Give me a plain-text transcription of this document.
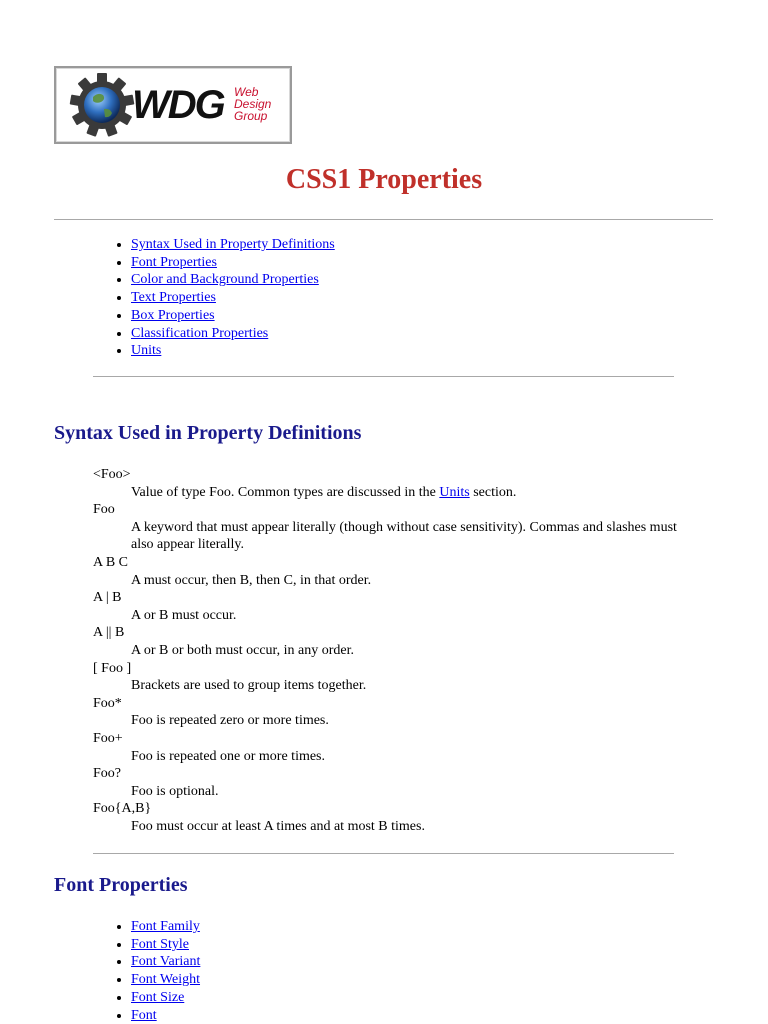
WDG Web
Design
Group
CSS1 Properties
• Syntax Used in Property Definitions
• Font Properties
• Color and Background Properties
• Text Properties
• Box Properties
• Classification Properties
• Units
Syntax Used in Property Definitions
<Foo>
Value of type Foo. Common types are discussed in the Units section.
Foo
A keyword that must appear literally (though without case sensitivity). Commas and slashes must also appear literally.
A B C
A must occur, then B, then C, in that order.
A | B
A or B must occur.
A || B
A or B or both must occur, in any order.
[ Foo ]
Brackets are used to group items together.
Foo*
Foo is repeated zero or more times.
Foo+
Foo is repeated one or more times.
Foo?
Foo is optional.
Foo{A,B}
Foo must occur at least A times and at most B times.
Font Properties
• Font Family
• Font Style
• Font Variant
• Font Weight
• Font Size
• Font
